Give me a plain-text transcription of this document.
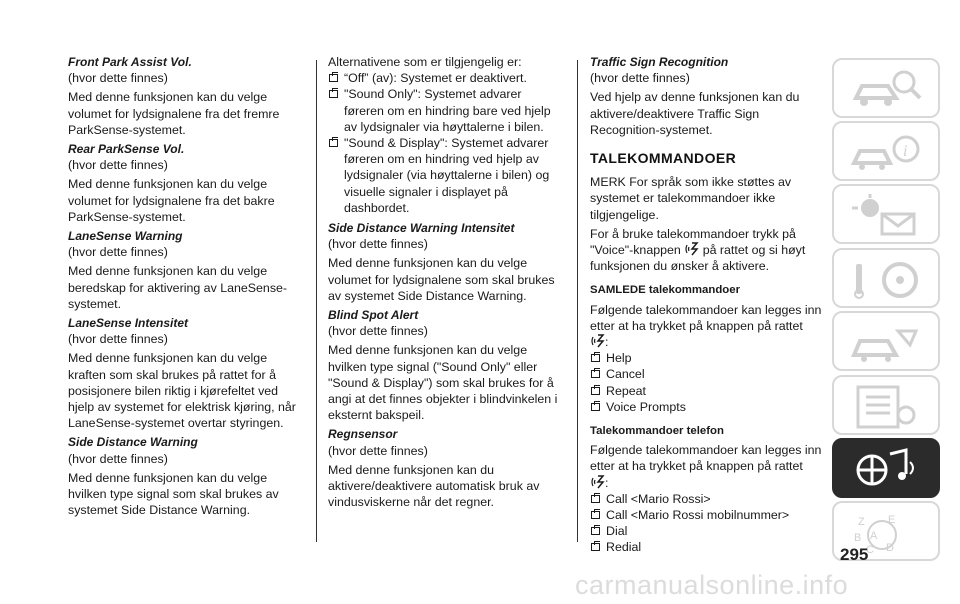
Front Park Assist Vol.

(hvor dette finnes)

Med denne funksjonen kan du velge volumet for lydsignalene fra det fremre ParkSense-systemet.

Rear ParkSense Vol.

(hvor dette finnes)

Med denne funksjonen kan du velge volumet for lydsignalene fra det bakre ParkSense-systemet.

LaneSense Warning

(hvor dette finnes)

Med denne funksjonen kan du velge beredskap for aktivering av LaneSense-systemet.

LaneSense Intensitet

(hvor dette finnes)

Med denne funksjonen kan du velge kraften som skal brukes på rattet for å posisjonere bilen riktig i kjørefeltet ved hjelp av systemet for elektrisk kjøring, når LaneSense-systemet overtar styringen.

Side Distance Warning

(hvor dette finnes)

Med denne funksjonen kan du velge hvilken type signal som skal brukes av systemet Side Distance Warning.

Alternativene som er tilgjengelig er:

“Off” (av): Systemet er deaktivert.
"Sound Only": Systemet advarer føreren om en hindring bare ved hjelp av lydsignaler via høyttalerne i bilen.
"Sound & Display": Systemet advarer føreren om en hindring ved hjelp av lydsignaler (via høyttalerne i bilen) og visuelle signaler i displayet på dashbordet.
Side Distance Warning Intensitet

(hvor dette finnes)

Med denne funksjonen kan du velge volumet for lydsignalene som skal brukes av systemet Side Distance Warning.

Blind Spot Alert

(hvor dette finnes)

Med denne funksjonen kan du velge hvilken type signal ("Sound Only" eller "Sound & Display") som skal brukes for å angi at det finnes objekter i blindvinkelen i eksternt bakspeil.

Regnsensor

(hvor dette finnes)

Med denne funksjonen kan du aktivere/deaktivere automatisk bruk av vindusviskerne når det regner.

Traffic Sign Recognition

(hvor dette finnes)

Ved hjelp av denne funksjonen kan du aktivere/deaktivere Traffic Sign Recognition-systemet.

TALEKOMMANDOER

MERK For språk som ikke støttes av systemet er talekommandoer ikke tilgjengelige.

For å bruke talekommandoer trykk på "Voice"-knappen på rattet og si høyt funksjonen du ønsker å aktivere.

SAMLEDE talekommandoer

Følgende talekommandoer kan legges inn etter at ha trykket på knappen på rattet
:

Help
Cancel
Repeat
Voice Prompts
Talekommandoer telefon

Følgende talekommandoer kan legges inn etter at ha trykket på knappen på rattet
:

Call <Mario Rossi>
Call <Mario Rossi mobilnummer>
Dial
Redial
i
Z E
B A
C D
295
carmanualsonline.info
